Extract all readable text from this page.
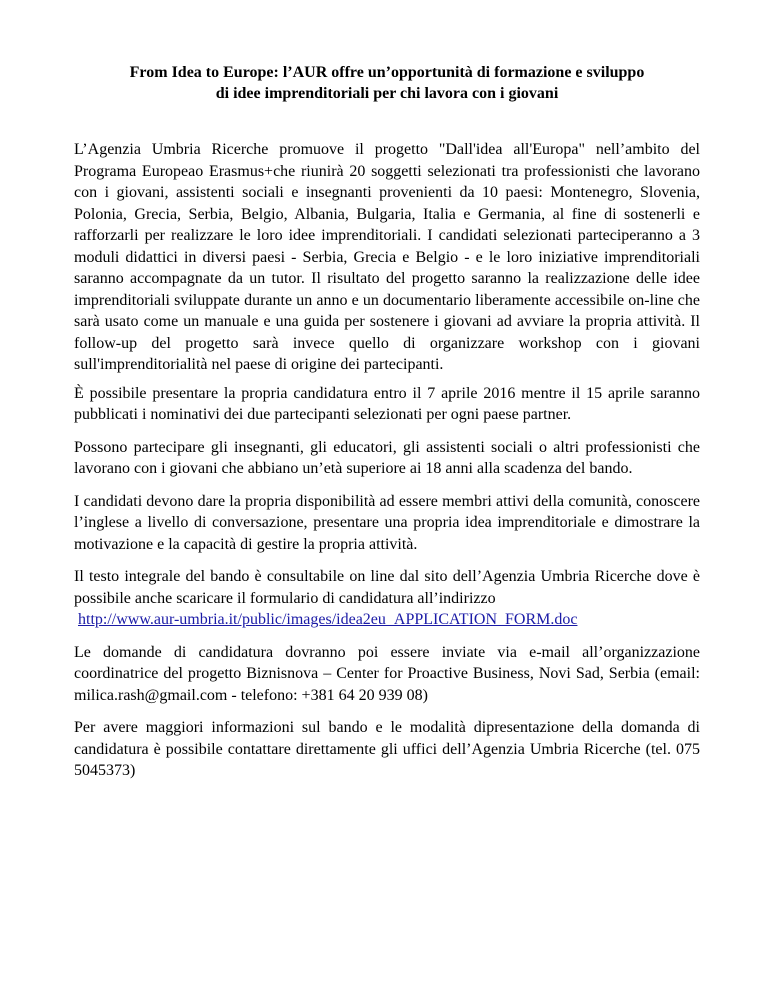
From Idea to Europe: l’AUR offre un’opportunità di formazione e sviluppo
di idee imprenditoriali per chi lavora con i giovani

L’Agenzia Umbria Ricerche promuove il progetto "Dall'idea all'Europa" nell’ambito del Programa Europeao Erasmus+che riunirà 20 soggetti selezionati tra professionisti che lavorano con i giovani, assistenti sociali e insegnanti provenienti da 10 paesi: Montenegro, Slovenia, Polonia, Grecia, Serbia, Belgio, Albania, Bulgaria, Italia e Germania, al fine di sostenerli e rafforzarli per realizzare le loro idee imprenditoriali. I candidati selezionati parteciperanno a 3 moduli didattici in diversi paesi - Serbia, Grecia e Belgio - e le loro iniziative imprenditoriali saranno accompagnate da un tutor. Il risultato del progetto saranno la realizzazione delle idee imprenditoriali sviluppate durante un anno e un documentario liberamente accessibile on-line che sarà usato come un manuale e una guida per sostenere i giovani ad avviare la propria attività. Il follow-up del progetto sarà invece quello di organizzare workshop con i giovani sull'imprenditorialità nel paese di origine dei partecipanti.

È possibile presentare la propria candidatura entro il 7 aprile 2016 mentre il 15 aprile saranno pubblicati i nominativi dei due partecipanti selezionati per ogni paese partner.

Possono partecipare gli insegnanti, gli educatori, gli assistenti sociali o altri professionisti che lavorano con i giovani che abbiano un’età superiore ai 18 anni alla scadenza del bando.

I candidati devono dare la propria disponibilità ad essere membri attivi della comunità, conoscere l’inglese a livello di conversazione, presentare una propria idea imprenditoriale e dimostrare la motivazione e la capacità di gestire la propria attività.

Il testo integrale del bando è consultabile on line dal sito dell’Agenzia Umbria Ricerche dove è possibile anche scaricare il formulario di candidatura all’indirizzo
http://www.aur-umbria.it/public/images/idea2eu_APPLICATION_FORM.doc

Le domande di candidatura dovranno poi essere inviate via e-mail all’organizzazione coordinatrice del progetto Biznisnova – Center for Proactive Business, Novi Sad, Serbia (email: milica.rash@gmail.com - telefono: +381 64 20 939 08)

Per avere maggiori informazioni sul bando e le modalità dipresentazione della domanda di candidatura è possibile contattare direttamente gli uffici dell’Agenzia Umbria Ricerche (tel. 075 5045373)
